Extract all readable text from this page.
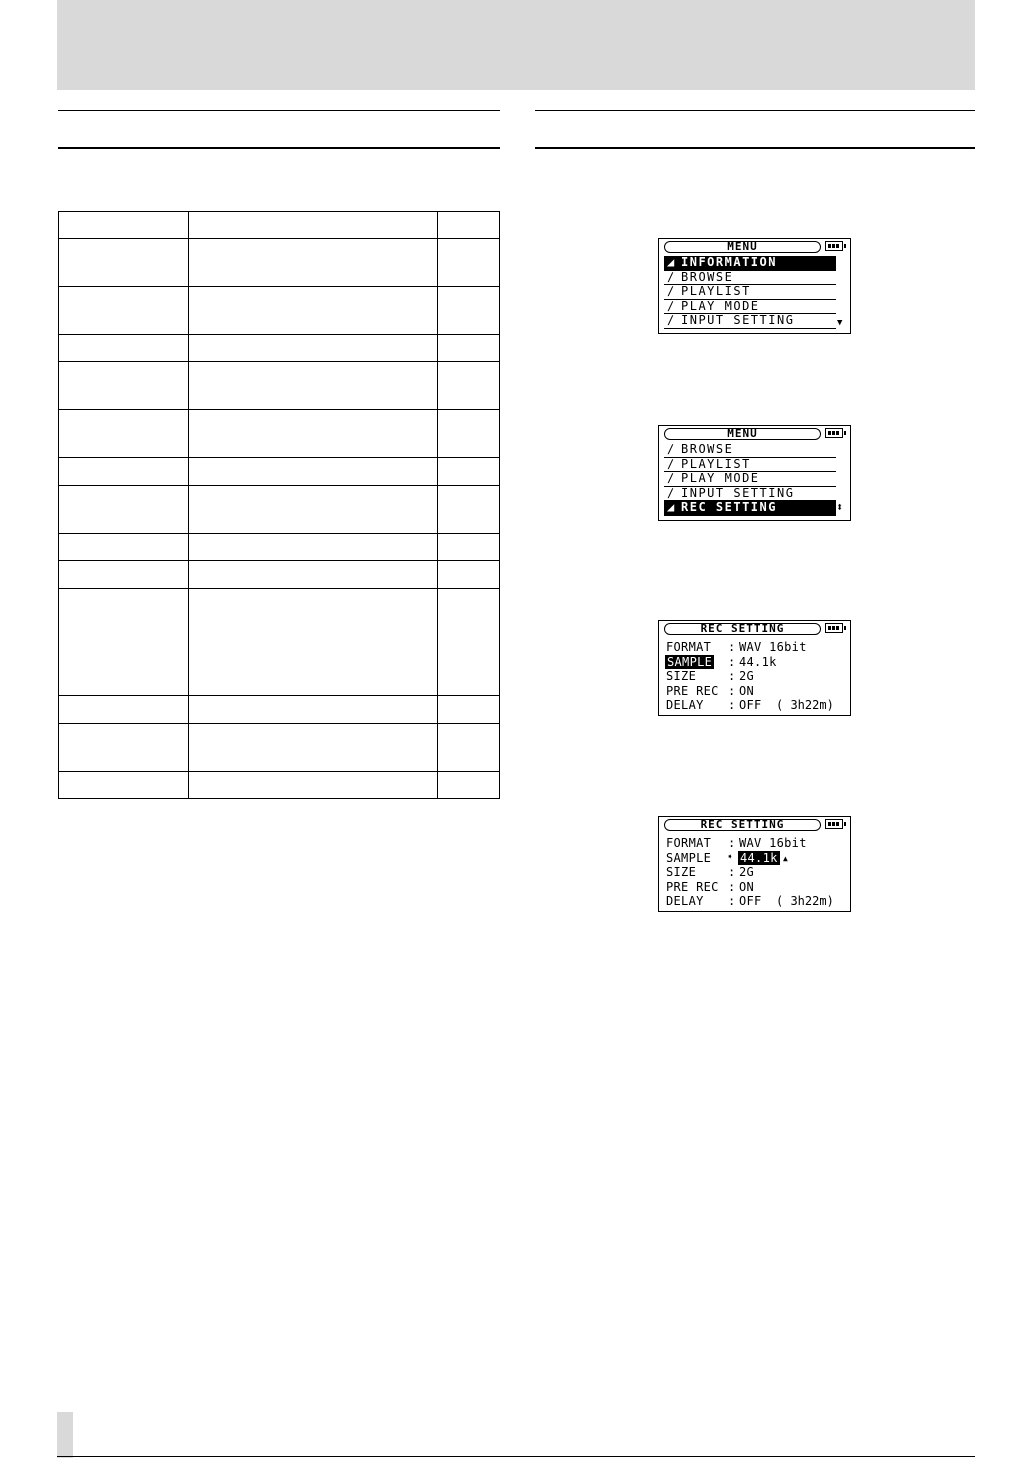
MENU
◢ INFORMATION
∕ BROWSE
∕ PLAYLIST
∕ PLAY MODE
∕ INPUT SETTING	▼
MENU
∕ BROWSE
∕ PLAYLIST
∕ PLAY MODE
∕ INPUT SETTING
◢ REC SETTING	⬍
REC SETTING
FORMAT : WAV 16bit
SAMPLE : 44.1k
SIZE	: 2G
PRE REC : ON
DELAY : OFF ( 3h22m)
REC SETTING
FORMAT : WAV 16bit
SAMPLE ➧ 44.1k ▲
SIZE	: 2G
PRE REC : ON
DELAY : OFF ( 3h22m)
